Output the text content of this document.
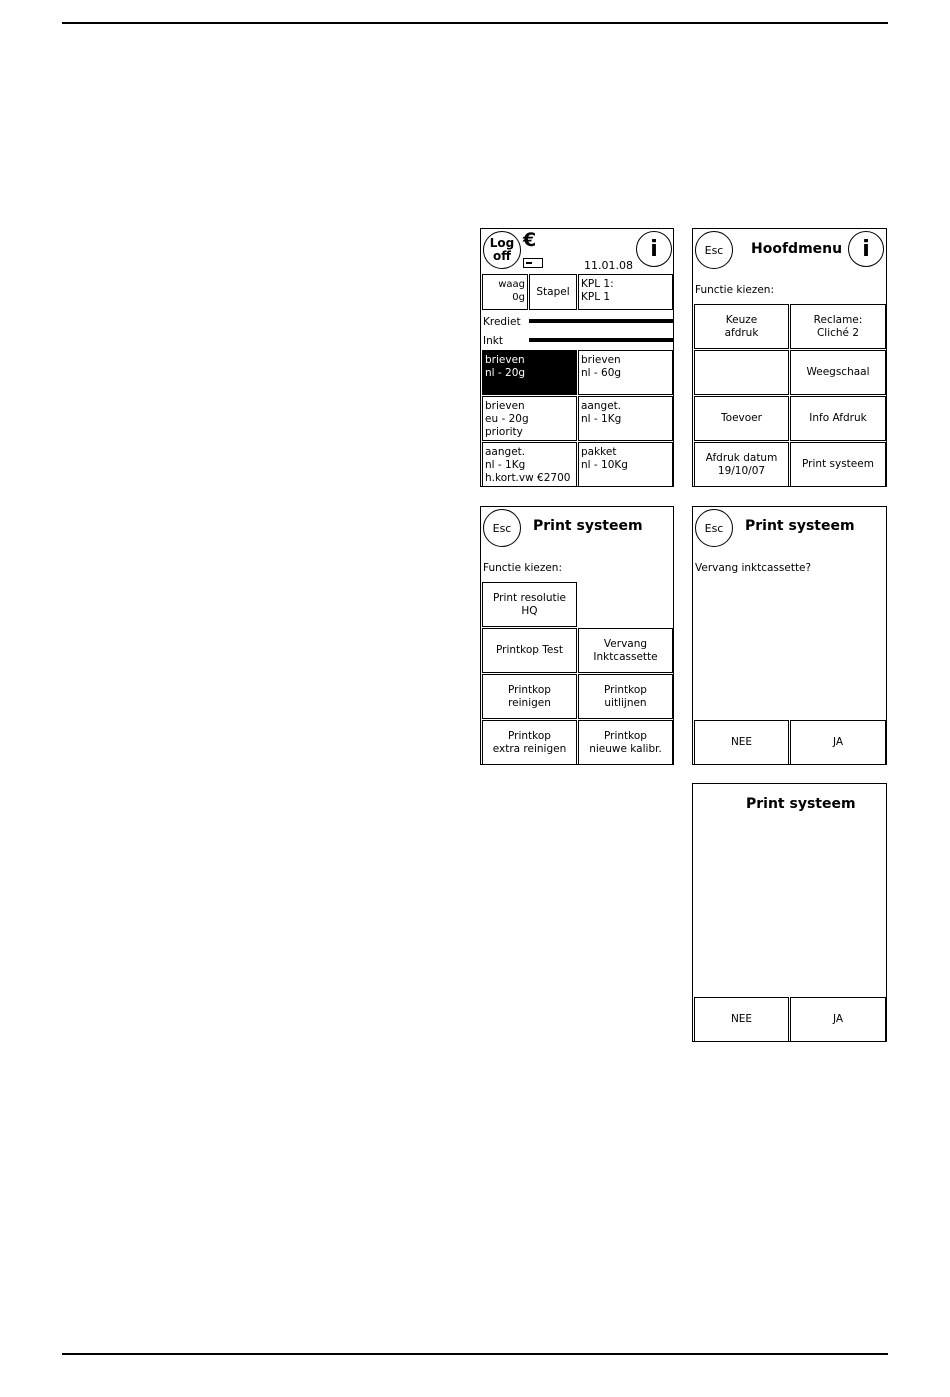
Log
off
€
11.01.08
i
waag
0g Stapel
KPL 1:
KPL 1
Krediet
Inkt
brieven
nl - 20g
brieven
nl - 60g
brieven
eu - 20g
priority
aanget.
nl - 1Kg
aanget.
nl - 1Kg
h.kort.vw €2700
pakket
nl - 10Kg
Esc Hoofdmenu i
Functie kiezen:
Keuze
afdruk
Reclame:
Cliché 2
Weegschaal
Toevoer	Info Afdruk
Afdruk datum
19/10/07
Print systeem
Esc Print systeem
Functie kiezen:
Print resolutie
HQ
Printkop Test
Vervang
Inktcassette
Printkop
reinigen
Printkop
uitlijnen
Printkop
extra reinigen
Printkop
nieuwe kalibr.
Esc Print systeem
Vervang inktcassette?
NEE	JA
Print systeem
NEE	JA
